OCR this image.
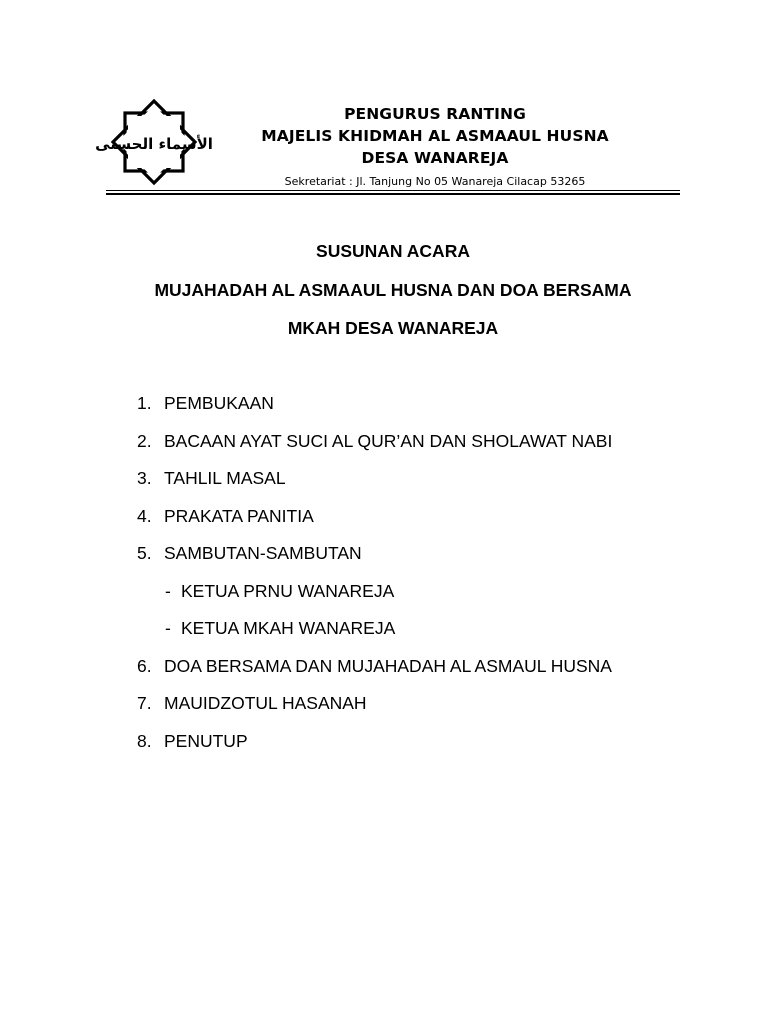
الأسماء الحسنى
PENGURUS RANTING
MAJELIS KHIDMAH AL ASMAAUL HUSNA
DESA WANAREJA
Sekretariat : Jl. Tanjung No 05 Wanareja Cilacap 53265
SUSUNAN ACARA
MUJAHADAH AL ASMAAUL HUSNA DAN DOA BERSAMA
MKAH DESA WANAREJA
1. PEMBUKAAN
2. BACAAN AYAT SUCI AL QUR’AN DAN SHOLAWAT NABI
3. TAHLIL MASAL
4. PRAKATA PANITIA
5. SAMBUTAN-SAMBUTAN
- KETUA PRNU WANAREJA
- KETUA MKAH WANAREJA
6. DOA BERSAMA DAN MUJAHADAH AL ASMAUL HUSNA
7. MAUIDZOTUL HASANAH
8. PENUTUP
